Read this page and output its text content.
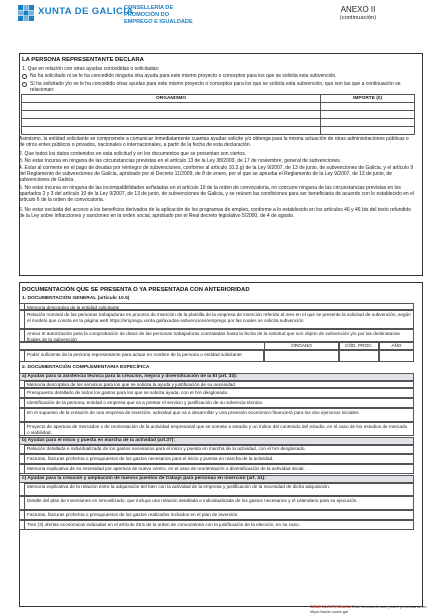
XUNTA DE GALICIA
CONSELLERÍA DE
PROMOCIÓN DO
EMPREGO E IGUALDADE
ANEXO II
(continuación)
LA PERSONA REPRESENTANTE DECLARA
1. Que en relación con otras ayudas concedidas o solicitadas:
No ha solicitado ni se le ha concedido ninguna otra ayuda para este mismo proyecto o conceptos para los que se solicita esta subvención.
Sí ha solicitado y/o se le ha concedido otras ayudas para este mismo proyecto o conceptos para los que se solicita esta subvención, que son las que a continuación se relacionan:
ORGANISMO	IMPORTE (€)

Asimismo, la entidad solicitante se compromete a comunicar inmediatamente cuantas ayudas solicite y/o obtenga para la misma actuación de otras administraciones públicas o de otros entes públicos o privados, nacionales o internacionales, a partir de la fecha de esta declaración.
2. Que todos los datos contenidos en esta solicitud y en los documentos que se presentan son ciertos.
3. No estar incursa en ninguna de las circunstancias previstas en el artículo 13 de la Ley 38/2003, de 17 de noviembre, general de subvenciones.
4. Estar al corriente en el pago de deudas por reintegro de subvenciones, conforme al artículo 10.2.g) de la Ley 9/2007, de 13 de junio, de subvenciones de Galicia, y el artículo 9 del Reglamento de subvenciones de Galicia, aprobado por el Decreto 11/2009, de 8 de enero, por el que se aprueba el Reglamento de la Ley 9/2007, de 13 de junio, de subvenciones de Galicia.
5. No estar incursa en ninguna de las incompatibilidades señaladas en el artículo 19 de la orden de convocatoria, no concurre ninguna de las circunstancias previstas en los apartados 2 y 3 del artículo 10 de la Ley 9/2007, de 13 de junio, de subvenciones de Galicia, y se reúnen las condiciones para ser beneficiaria de acuerdo con lo establecido en el artículo 6 de la orden de convocatoria.
6. No estar excluida del acceso a los beneficios derivados de la aplicación de los programas de empleo, conforme a lo establecido en los artículos 46 y 46 bis del texto refundido de la Ley sobre infracciones y sanciones en la orden social, aprobado por el Real decreto legislativo 5/2000, de 4 de agosto.
DOCUMENTACIÓN QUE SE PRESENTA O YA PRESENTADA CON ANTERIORIDAD
1. DOCUMENTACIÓN GENERAL (artículo 10.5)
Memoria descriptiva de la entidad solicitante
Relación nominal de las personas trabajadoras en proceso de inserción de la plantilla de la empresa de inserción referido al mes en el que se presente la solicitud de subvención, según el modelo que consta en la página web https://emprego.xunta.gal/axudas-subvencions/emprego por las cuales se solicita subvención
Anexo III autorización para la comprobación de datos de las personas trabajadoras contratadas hasta la fecha de la solicitud que son objeto de subvención y/o por las destinatarias finales de la subvención
ÓRGANO	CÓD. PROC.	AÑO
Poder suficiente de la persona representante para actuar en nombre de la persona o entidad solicitante
2. DOCUMENTACIÓN COMPLEMENTARIA ESPECÍFICA
a) Ayudas para la asistencia técnica para la creación, mejora y diversificación de la EI (art. 33):
Memoria descriptiva de los servicios para los que se solicita la ayuda y justificación de su necesidad.
Presupuesto detallado de todos los gastos para los que se solicita ayuda, con el IVA desglosado.
Identificación de la persona, entidad o empresa que va a prestar el servicio y justificación de su solvencia técnica.
En el supuesto de la creación de una empresa de inserción, actividad que va a desarrollar y una previsión económico-financiera para los dos ejercicios iniciales.
Proyecto de apertura de mercados o de reorientación de la actividad empresarial que se somete a estudio y un índice del contenido del estudio, en el caso de los estudios de mercado o viabilidad.
b) Ayudas para el inicio y puesta en marcha de la actividad (art.37):
Relación detallada e individualizada de los gastos necesarios para el inicio y puesta en marcha de la actividad, con el IVA desglosado.
Facturas, facturas proforma o presupuestos de los gastos necesarios para el inicio y puesta en marcha de la actividad.
Memoria explicativa de su necesidad por apertura de nuevo centro, en el caso de reorientación o diversificación de la actividad inicial.
c) Ayudas para la creación y ampliación de nuevos puestos de trabajo para personas en inserción (art. 41):
Memoria explicativa de la relación entre la adquisición del bien con la actividad de la empresa y justificación de la necesidad de dicha adquisición.
Detalle del plan de inversiones en inmovilizado, que incluya una relación detallada e individualizada de los gastos necesarios y el calendario para su ejecución.
Facturas, facturas proforma o presupuestos de los gastos realizados incluidos en el plan de inversión.
Tres (3) ofertas económicas indicadas en el artículo 29.5 de la orden de convocatoria con la justificación de la elección, en su caso.
SEDE ELECTRÓNICA Este formulario solo podrá presentarse en https://sede.xunta.gal
